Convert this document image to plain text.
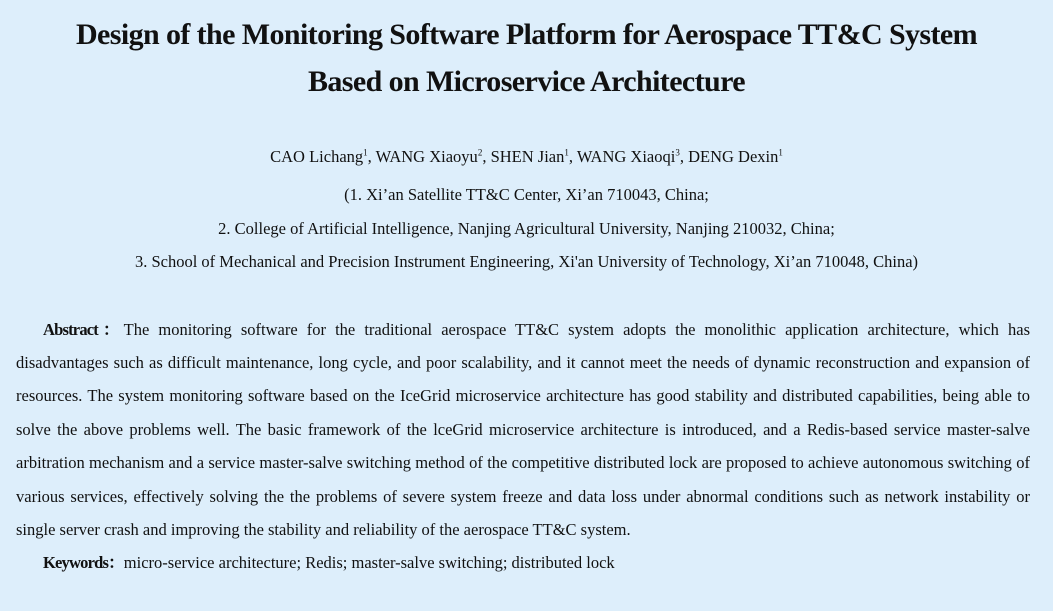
Design of the Monitoring Software Platform for Aerospace TT&C System
Based on Microservice Architecture
CAO Lichang$^1$, WANG Xiaoyu$^2$, SHEN Jian$^1$, WANG Xiaoqi$^3$, DENG Dexin$^1$
(1. Xi’an Satellite TT&C Center, Xi’an 710043, China;
2. College of Artificial Intelligence, Nanjing Agricultural University, Nanjing 210032, China;
3. School of Mechanical and Precision Instrument Engineering, Xi'an University of Technology, Xi’an 710048, China)
Abstract：The monitoring software for the traditional aerospace TT&C system adopts the monolithic application architecture, which has disadvantages such as difficult maintenance, long cycle, and poor scalability, and it cannot meet the needs of dynamic reconstruction and expansion of resources. The system monitoring software based on the IceGrid microservice architecture has good stability and distributed capabilities, being able to solve the above problems well. The basic framework of the lceGrid microservice architecture is introduced, and a Redis-based service master-salve arbitration mechanism and a service master-salve switching method of the competitive distributed lock are proposed to achieve autonomous switching of various services, effectively solving the the problems of severe system freeze and data loss under abnormal conditions such as network instability or single server crash and improving the stability and reliability of the aerospace TT&C system.
Keywords：micro-service architecture; Redis; master-salve switching; distributed lock
